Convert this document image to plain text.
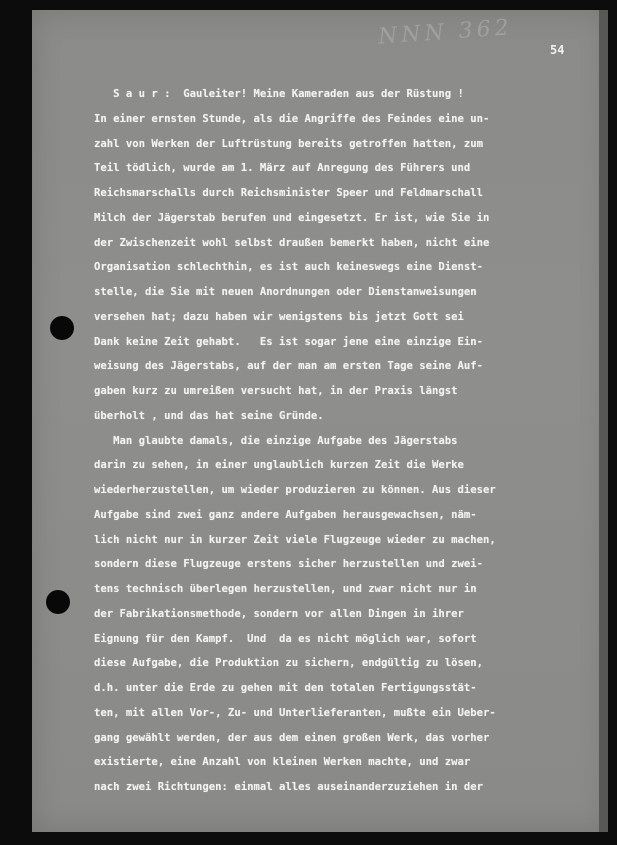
NNN 362
54
S a u r :  Gauleiter! Meine Kameraden aus der Rüstung !
In einer ernsten Stunde, als die Angriffe des Feindes eine un-
zahl von Werken der Luftrüstung bereits getroffen hatten, zum
Teil tödlich, wurde am 1. März auf Anregung des Führers und
Reichsmarschalls durch Reichsminister Speer und Feldmarschall
Milch der Jägerstab berufen und eingesetzt. Er ist, wie Sie in
der Zwischenzeit wohl selbst draußen bemerkt haben, nicht eine
Organisation schlechthin, es ist auch keineswegs eine Dienst-
stelle, die Sie mit neuen Anordnungen oder Dienstanweisungen
versehen hat; dazu haben wir wenigstens bis jetzt Gott sei
Dank keine Zeit gehabt.   Es ist sogar jene eine einzige Ein-
weisung des Jägerstabs, auf der man am ersten Tage seine Auf-
gaben kurz zu umreißen versucht hat, in der Praxis längst
überholt , und das hat seine Gründe.
Man glaubte damals, die einzige Aufgabe des Jägerstabs
darin zu sehen, in einer unglaublich kurzen Zeit die Werke
wiederherzustellen, um wieder produzieren zu können. Aus dieser
Aufgabe sind zwei ganz andere Aufgaben herausgewachsen, näm-
lich nicht nur in kurzer Zeit viele Flugzeuge wieder zu machen,
sondern diese Flugzeuge erstens sicher herzustellen und zwei-
tens technisch überlegen herzustellen, und zwar nicht nur in
der Fabrikationsmethode, sondern vor allen Dingen in ihrer
Eignung für den Kampf.  Und  da es nicht möglich war, sofort
diese Aufgabe, die Produktion zu sichern, endgültig zu lösen,
d.h. unter die Erde zu gehen mit den totalen Fertigungsstät-
ten, mit allen Vor-, Zu- und Unterlieferanten, mußte ein Ueber-
gang gewählt werden, der aus dem einen großen Werk, das vorher
existierte, eine Anzahl von kleinen Werken machte, und zwar
nach zwei Richtungen: einmal alles auseinanderzuziehen in der
